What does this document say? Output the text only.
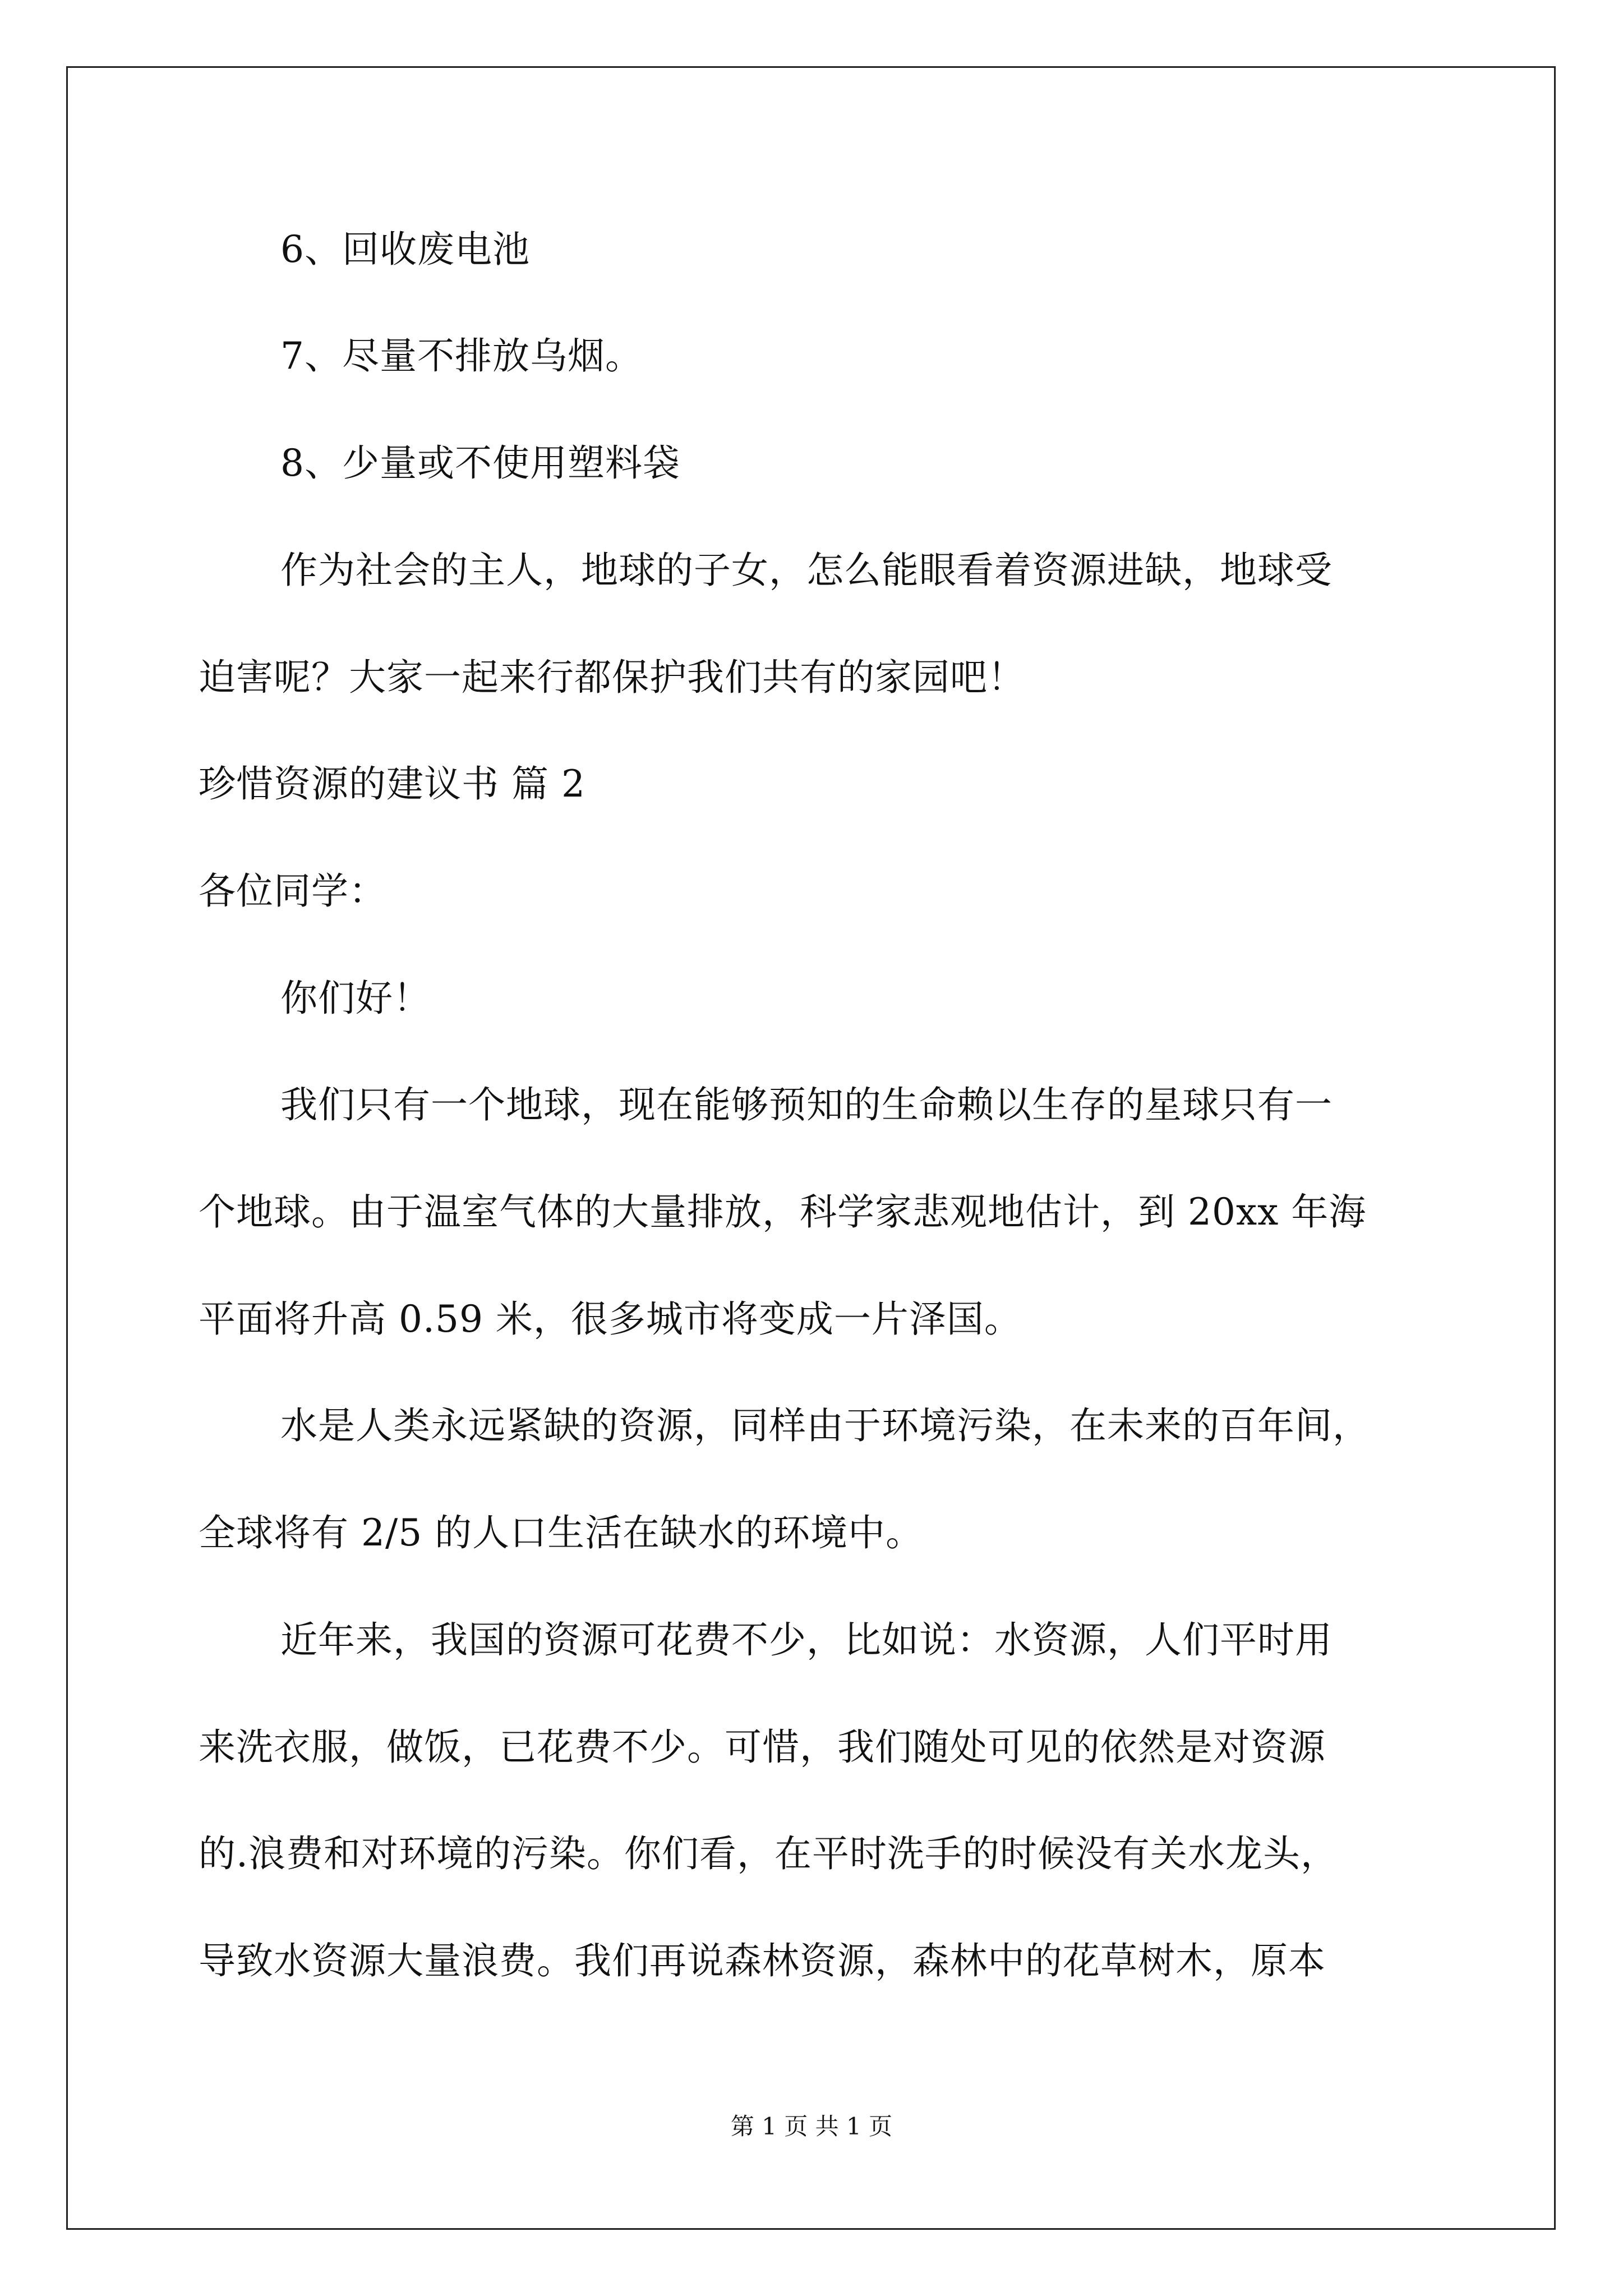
6、回收废电池
7、尽量不排放乌烟。
8、少量或不使用塑料袋
作为社会的主人，地球的子女，怎么能眼看着资源进缺，地球受
迫害呢？大家一起来行都保护我们共有的家园吧！
珍惜资源的建议书 篇 2
各位同学：
你们好！
我们只有一个地球，现在能够预知的生命赖以生存的星球只有一
个地球。由于温室气体的大量排放，科学家悲观地估计，到 20xx 年海
平面将升高 0.59 米，很多城市将变成一片泽国。
水是人类永远紧缺的资源，同样由于环境污染，在未来的百年间，
全球将有 2/5 的人口生活在缺水的环境中。
近年来，我国的资源可花费不少，比如说：水资源，人们平时用
来洗衣服，做饭，已花费不少。可惜，我们随处可见的依然是对资源
的.浪费和对环境的污染。你们看，在平时洗手的时候没有关水龙头，
导致水资源大量浪费。我们再说森林资源，森林中的花草树木，原本
第 1 页 共 1 页
